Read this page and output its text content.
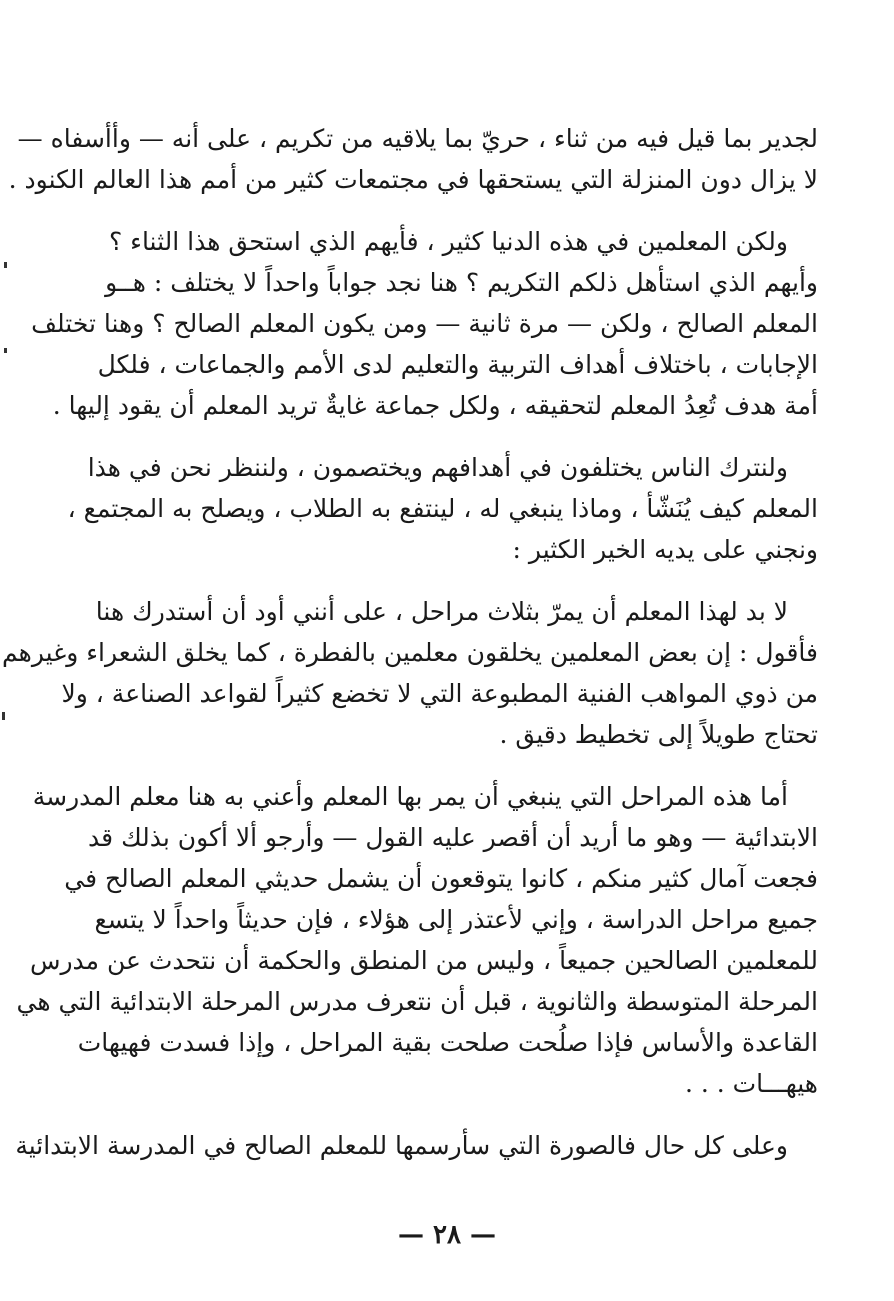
لجدير بما قيل فيه من ثناء ، حريّ بما يلاقيه من تكريم ، على أنه — وأأسفاه —
لا يزال دون المنزلة التي يستحقها في مجتمعات كثير من أمم هذا العالم الكنود .
ولكن المعلمين في هذه الدنيا كثير ، فأيهم الذي استحق هذا الثناء ؟
وأيهم الذي استأهل ذلكم التكريم ؟ هنا نجد جواباً واحداً لا يختلف : هــو
المعلم الصالح ، ولكن — مرة ثانية — ومن يكون المعلم الصالح ؟ وهنا تختلف
الإجابات ، باختلاف أهداف التربية والتعليم لدى الأمم والجماعات ، فلكل
أمة هدف تُعِدُ المعلم لتحقيقه ، ولكل جماعة غايةٌ تريد المعلم أن يقود إليها .
ولنترك الناس يختلفون في أهدافهم ويختصمون ، ولننظر نحن في هذا
المعلم كيف يُنَشّأ ، وماذا ينبغي له ، لينتفع به الطلاب ، ويصلح به المجتمع ،
ونجني على يديه الخير الكثير :
لا بد لهذا المعلم أن يمرّ بثلاث مراحل ، على أنني أود أن أستدرك هنا
فأقول : إن بعض المعلمين يخلقون معلمين بالفطرة ، كما يخلق الشعراء وغيرهم
من ذوي المواهب الفنية المطبوعة التي لا تخضع كثيراً لقواعد الصناعة ، ولا
تحتاج طويلاً إلى تخطيط دقيق .
أما هذه المراحل التي ينبغي أن يمر بها المعلم وأعني به هنا معلم المدرسة
الابتدائية — وهو ما أريد أن أقصر عليه القول — وأرجو ألا أكون بذلك قد
فجعت آمال كثير منكم ، كانوا يتوقعون أن يشمل حديثي المعلم الصالح في
جميع مراحل الدراسة ، وإني لأعتذر إلى هؤلاء ، فإن حديثاً واحداً لا يتسع
للمعلمين الصالحين جميعاً ، وليس من المنطق والحكمة أن نتحدث عن مدرس
المرحلة المتوسطة والثانوية ، قبل أن نتعرف مدرس المرحلة الابتدائية التي هي
القاعدة والأساس فإذا صلُحت صلحت بقية المراحل ، وإذا فسدت فهيهات
هيهـــات . . .
وعلى كل حال فالصورة التي سأرسمها للمعلم الصالح في المدرسة الابتدائية
— ٢٨ —
